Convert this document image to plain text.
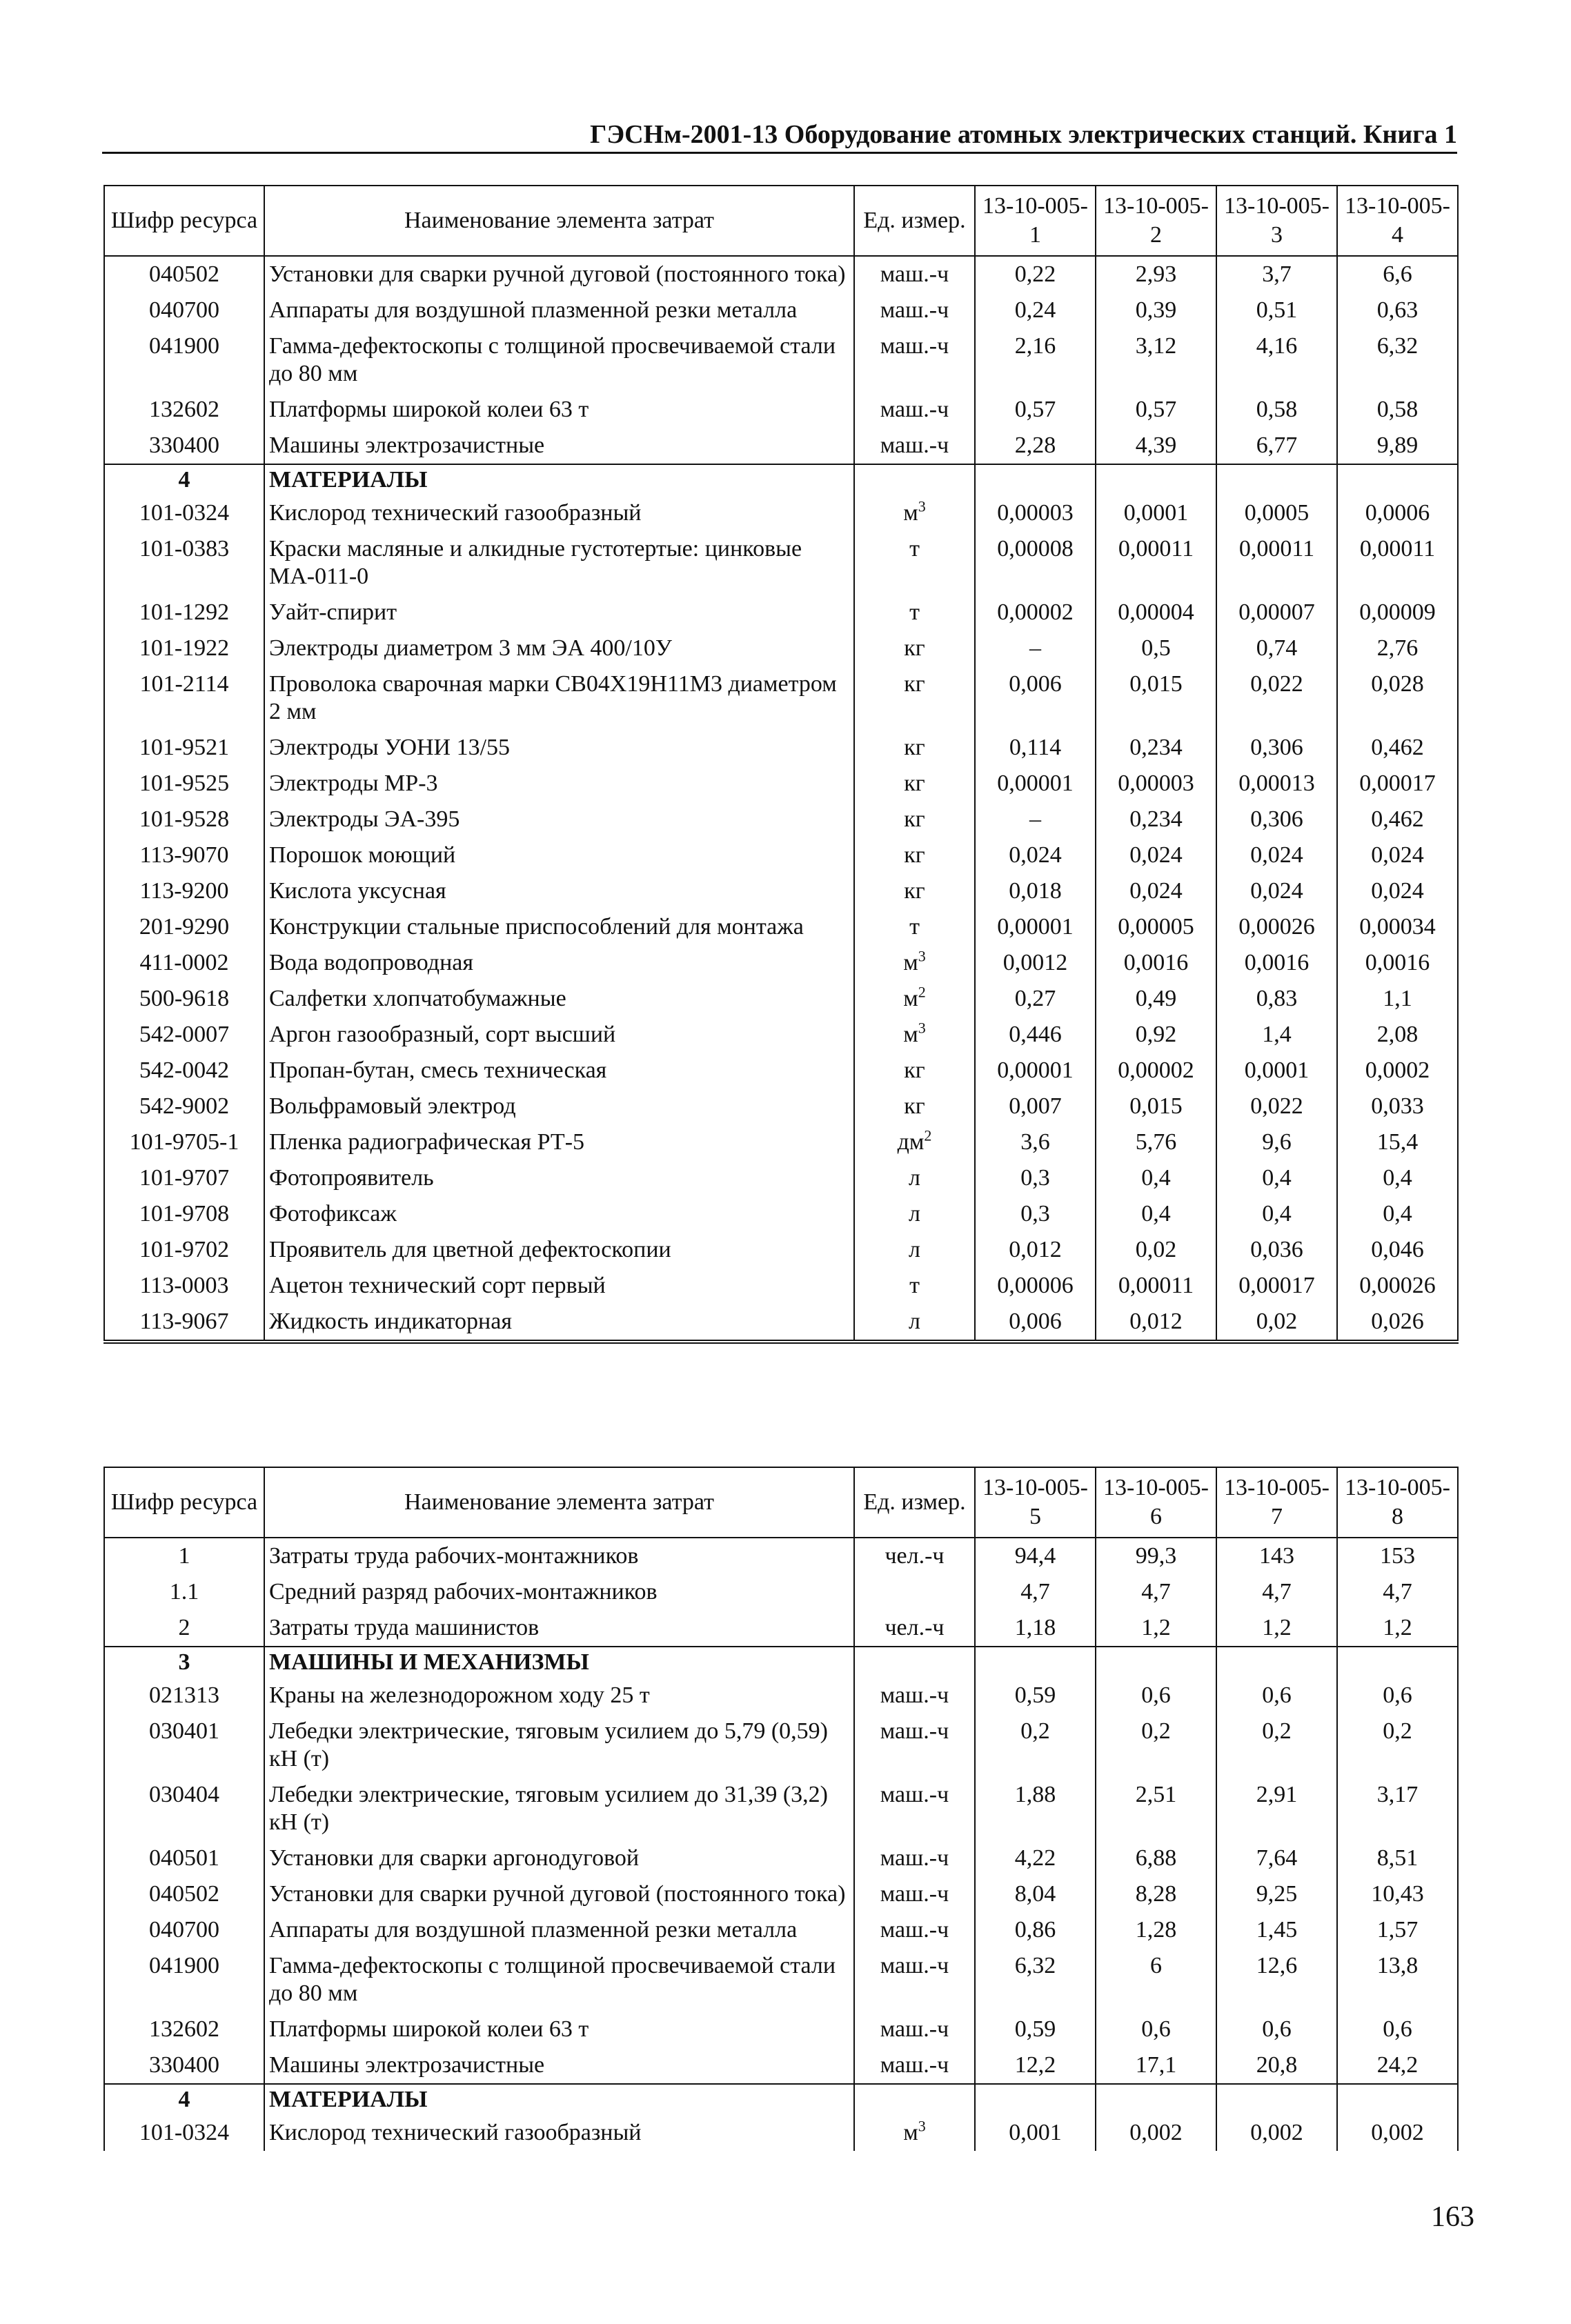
ГЭСНм-2001-13 Оборудование атомных электрических станций. Книга 1
Шифр ресурса	Наименование элемента затрат	Ед. измер.	13-10-005-1	13-10-005-2	13-10-005-3	13-10-005-4
040502	Установки для сварки ручной дуговой (постоянного тока)	маш.-ч	0,22	2,93	3,7	6,6
040700	Аппараты для воздушной плазменной резки металла	маш.-ч	0,24	0,39	0,51	0,63
041900	Гамма-дефектоскопы с толщиной просвечиваемой стали до 80 мм	маш.-ч	2,16	3,12	4,16	6,32
132602	Платформы широкой колеи 63 т	маш.-ч	0,57	0,57	0,58	0,58
330400	Машины электрозачистные	маш.-ч	2,28	4,39	6,77	9,89
4	МАТЕРИАЛЫ					
101-0324	Кислород технический газообразный	$м^3$	0,00003	0,0001	0,0005	0,0006
101-0383	Краски масляные и алкидные густотертые: цинковые МА-011-0	т	0,00008	0,00011	0,00011	0,00011
101-1292	Уайт-спирит	т	0,00002	0,00004	0,00007	0,00009
101-1922	Электроды диаметром 3 мм ЭА 400/10У	кг	–	0,5	0,74	2,76
101-2114	Проволока сварочная марки СВ04Х19Н11М3 диаметром 2 мм	кг	0,006	0,015	0,022	0,028
101-9521	Электроды УОНИ 13/55	кг	0,114	0,234	0,306	0,462
101-9525	Электроды МР-3	кг	0,00001	0,00003	0,00013	0,00017
101-9528	Электроды ЭА-395	кг	–	0,234	0,306	0,462
113-9070	Порошок моющий	кг	0,024	0,024	0,024	0,024
113-9200	Кислота уксусная	кг	0,018	0,024	0,024	0,024
201-9290	Конструкции стальные приспособлений для монтажа	т	0,00001	0,00005	0,00026	0,00034
411-0002	Вода водопроводная	$м^3$	0,0012	0,0016	0,0016	0,0016
500-9618	Салфетки хлопчатобумажные	$м^2$	0,27	0,49	0,83	1,1
542-0007	Аргон газообразный, сорт высший	$м^3$	0,446	0,92	1,4	2,08
542-0042	Пропан-бутан, смесь техническая	кг	0,00001	0,00002	0,0001	0,0002
542-9002	Вольфрамовый электрод	кг	0,007	0,015	0,022	0,033
101-9705-1	Пленка радиографическая РТ-5	$дм^2$	3,6	5,76	9,6	15,4
101-9707	Фотопроявитель	л	0,3	0,4	0,4	0,4
101-9708	Фотофиксаж	л	0,3	0,4	0,4	0,4
101-9702	Проявитель для цветной дефектоскопии	л	0,012	0,02	0,036	0,046
113-0003	Ацетон технический сорт первый	т	0,00006	0,00011	0,00017	0,00026
113-9067	Жидкость индикаторная	л	0,006	0,012	0,02	0,026
Шифр ресурса	Наименование элемента затрат	Ед. измер.	13-10-005-5	13-10-005-6	13-10-005-7	13-10-005-8
1	Затраты труда рабочих-монтажников	чел.-ч	94,4	99,3	143	153
1.1	Средний разряд рабочих-монтажников		4,7	4,7	4,7	4,7
2	Затраты труда машинистов	чел.-ч	1,18	1,2	1,2	1,2
3	МАШИНЫ И МЕХАНИЗМЫ					
021313	Краны на железнодорожном ходу 25 т	маш.-ч	0,59	0,6	0,6	0,6
030401	Лебедки электрические, тяговым усилием до 5,79 (0,59) кН (т)	маш.-ч	0,2	0,2	0,2	0,2
030404	Лебедки электрические, тяговым усилием до 31,39 (3,2) кН (т)	маш.-ч	1,88	2,51	2,91	3,17
040501	Установки для сварки аргонодуговой	маш.-ч	4,22	6,88	7,64	8,51
040502	Установки для сварки ручной дуговой (постоянного тока)	маш.-ч	8,04	8,28	9,25	10,43
040700	Аппараты для воздушной плазменной резки металла	маш.-ч	0,86	1,28	1,45	1,57
041900	Гамма-дефектоскопы с толщиной просвечиваемой стали до 80 мм	маш.-ч	6,32	6	12,6	13,8
132602	Платформы широкой колеи 63 т	маш.-ч	0,59	0,6	0,6	0,6
330400	Машины электрозачистные	маш.-ч	12,2	17,1	20,8	24,2
4	МАТЕРИАЛЫ					
101-0324	Кислород технический газообразный	$м^3$	0,001	0,002	0,002	0,002
163
